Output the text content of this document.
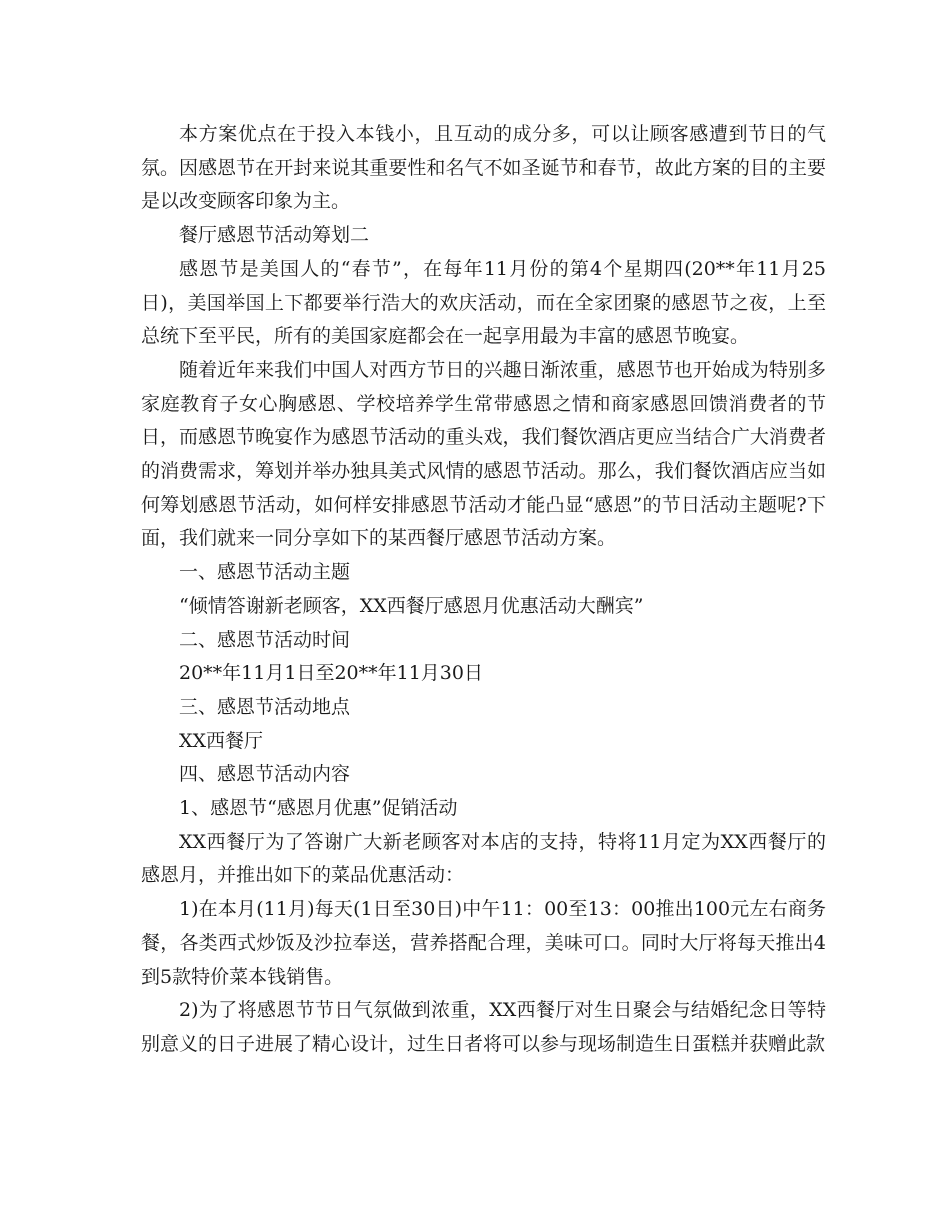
本方案优点在于投入本钱小，且互动的成分多，可以让顾客感遭到节日的气氛。因感恩节在开封来说其重要性和名气不如圣诞节和春节，故此方案的目的主要是以改变顾客印象为主。

餐厅感恩节活动筹划二

感恩节是美国人的“春节”，在每年11月份的第4个星期四(20**年11月25日)，美国举国上下都要举行浩大的欢庆活动，而在全家团聚的感恩节之夜，上至总统下至平民，所有的美国家庭都会在一起享用最为丰富的感恩节晚宴。

随着近年来我们中国人对西方节日的兴趣日渐浓重，感恩节也开始成为特别多家庭教育子女心胸感恩、学校培养学生常带感恩之情和商家感恩回馈消费者的节日，而感恩节晚宴作为感恩节活动的重头戏，我们餐饮酒店更应当结合广大消费者的消费需求，筹划并举办独具美式风情的感恩节活动。那么，我们餐饮酒店应当如何筹划感恩节活动，如何样安排感恩节活动才能凸显“感恩”的节日活动主题呢?下面，我们就来一同分享如下的某西餐厅感恩节活动方案。

一、感恩节活动主题

“倾情答谢新老顾客，XX西餐厅感恩月优惠活动大酬宾”

二、感恩节活动时间

20**年11月1日至20**年11月30日

三、感恩节活动地点

XX西餐厅

四、感恩节活动内容

1、感恩节“感恩月优惠”促销活动

XX西餐厅为了答谢广大新老顾客对本店的支持，特将11月定为XX西餐厅的感恩月，并推出如下的菜品优惠活动：

1)在本月(11月)每天(1日至30日)中午11：00至13：00推出100元左右商务餐，各类西式炒饭及沙拉奉送，营养搭配合理，美味可口。同时大厅将每天推出4到5款特价菜本钱销售。

2)为了将感恩节节日气氛做到浓重，XX西餐厅对生日聚会与结婚纪念日等特别意义的日子进展了精心设计，过生日者将可以参与现场制造生日蛋糕并获赠此款
